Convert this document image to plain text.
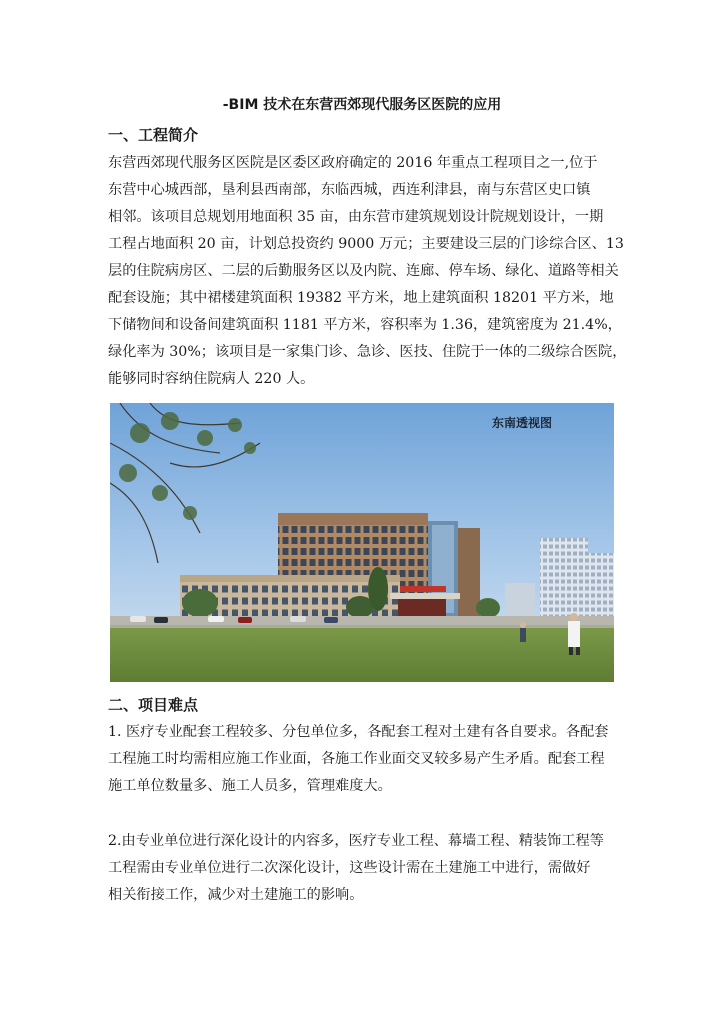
-BIM 技术在东营西郊现代服务区医院的应用
一、工程简介
东营西郊现代服务区医院是区委区政府确定的 2016 年重点工程项目之一,位于
东营中心城西部，垦利县西南部，东临西城，西连利津县，南与东营区史口镇
相邻。该项目总规划用地面积 35 亩，由东营市建筑规划设计院规划设计，一期
工程占地面积 20 亩，计划总投资约 9000 万元；主要建设三层的门诊综合区、13
层的住院病房区、二层的后勤服务区以及内院、连廊、停车场、绿化、道路等相关
配套设施；其中裙楼建筑面积 19382 平方米，地上建筑面积 18201 平方米，地
下储物间和设备间建筑面积 1181 平方米，容积率为 1.36，建筑密度为 21.4%，
绿化率为 30%；该项目是一家集门诊、急诊、医技、住院于一体的二级综合医院，
能够同时容纳住院病人 220 人。
东南透视图
二、项目难点
1. 医疗专业配套工程较多、分包单位多，各配套工程对土建有各自要求。各配套
工程施工时均需相应施工作业面，各施工作业面交叉较多易产生矛盾。配套工程
施工单位数量多、施工人员多，管理难度大。
2.由专业单位进行深化设计的内容多，医疗专业工程、幕墙工程、精装饰工程等
工程需由专业单位进行二次深化设计，这些设计需在土建施工中进行，需做好
相关衔接工作，减少对土建施工的影响。
